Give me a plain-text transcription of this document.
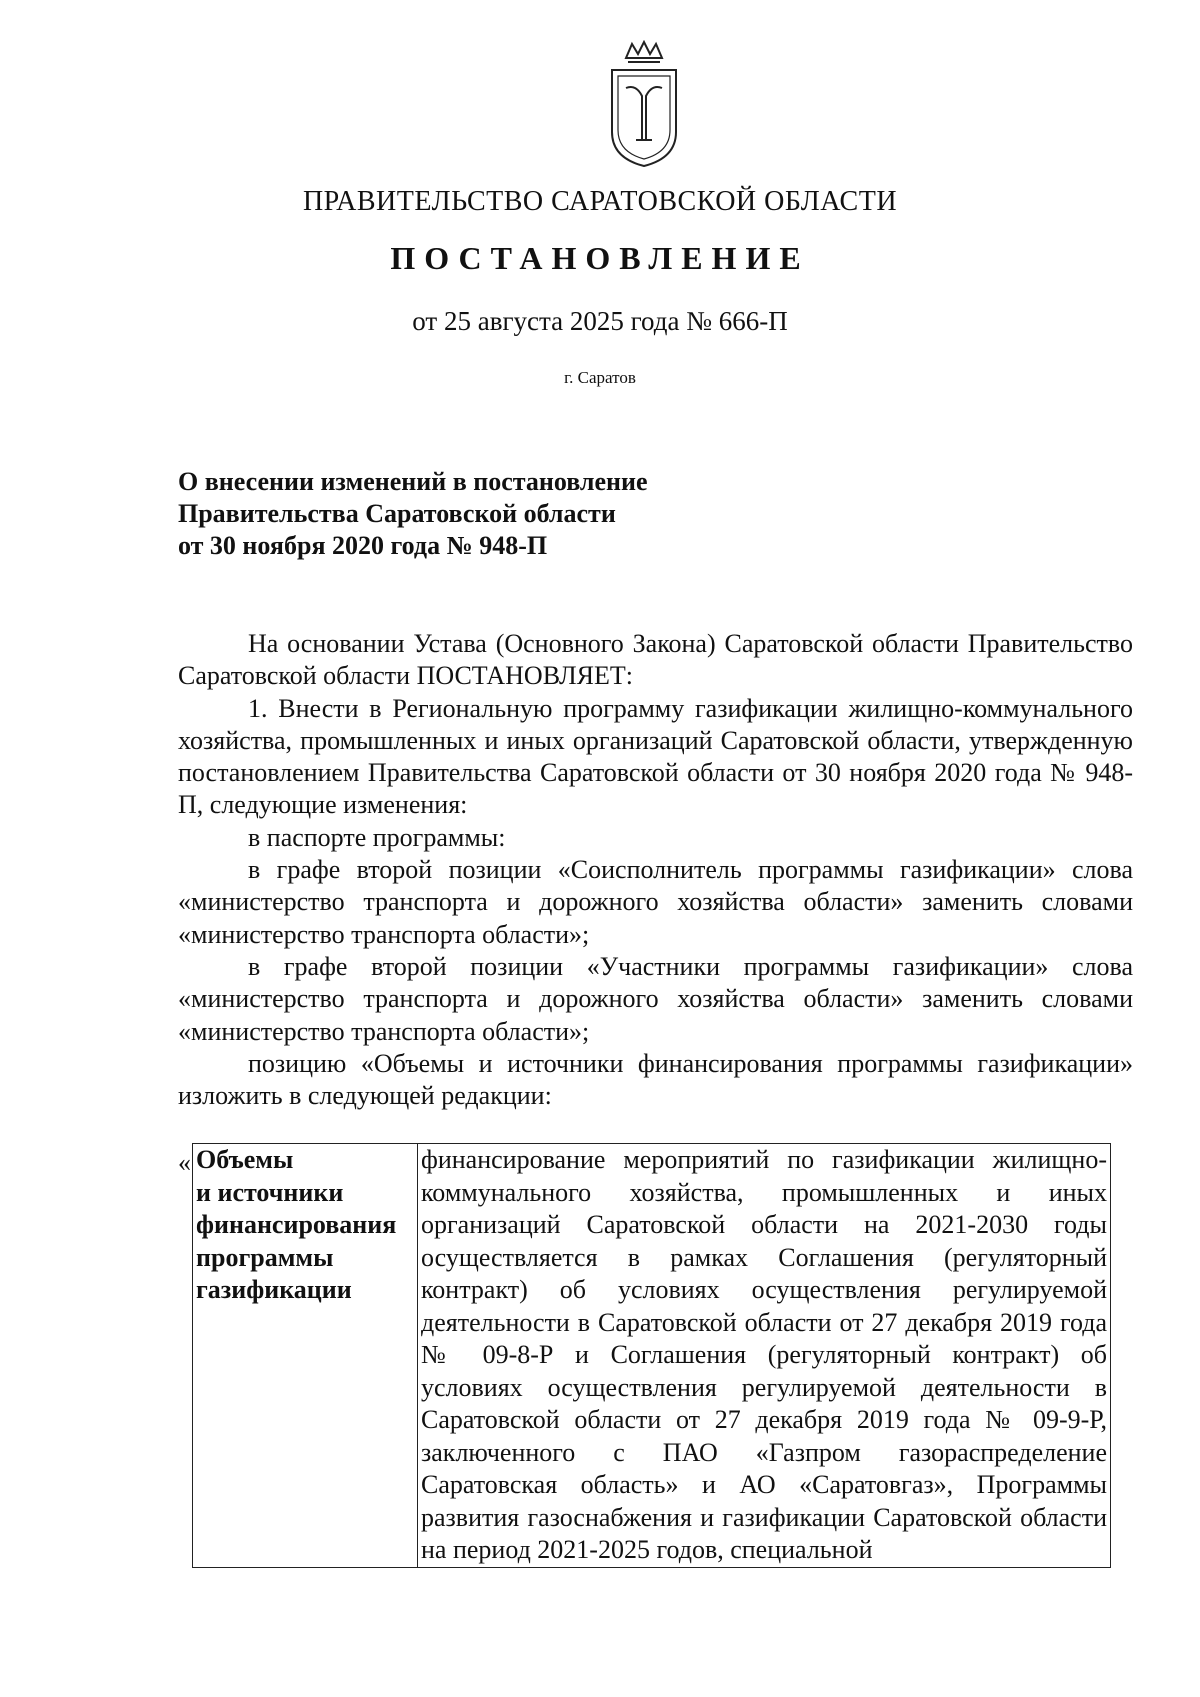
ПРАВИТЕЛЬСТВО САРАТОВСКОЙ ОБЛАСТИ
ПОСТАНОВЛЕНИЕ
от 25 августа 2025 года № 666-П
г. Саратов
О внесении изменений в постановление
Правительства Саратовской области
от 30 ноября 2020 года № 948-П

На основании Устава (Основного Закона) Саратовской области Правительство Саратовской области ПОСТАНОВЛЯЕТ:

1. Внести в Региональную программу газификации жилищно-коммунального хозяйства, промышленных и иных организаций Саратовской области, утвержденную постановлением Правительства Саратовской области от 30 ноября 2020 года № 948-П, следующие изменения:

в паспорте программы:

в графе второй позиции «Соисполнитель программы газификации» слова «министерство транспорта и дорожного хозяйства области» заменить словами «министерство транспорта области»;

в графе второй позиции «Участники программы газификации» слова «министерство транспорта и дорожного хозяйства области» заменить словами «министерство транспорта области»;

позицию «Объемы и источники финансирования программы газификации» изложить в следующей редакции:

« Объемы
и источники
финансирования
программы
газификации
	финансирование мероприятий по газификации жилищно-коммунального хозяйства, промышленных и иных организаций Саратовской области на 2021-2030 годы осуществляется в рамках Соглашения (регуляторный контракт) об условиях осуществления регулируемой деятельности в Саратовской области от 27 декабря 2019 года № 09-8-Р и Соглашения (регуляторный контракт) об условиях осуществления регулируемой деятельности в Саратовской области от 27 декабря 2019 года № 09-9-Р, заключенного с ПАО «Газпром газораспределение Саратовская область» и АО «Саратовгаз», Программы развития газоснабжения и газификации Саратовской области на период 2021-2025 годов, специальной
